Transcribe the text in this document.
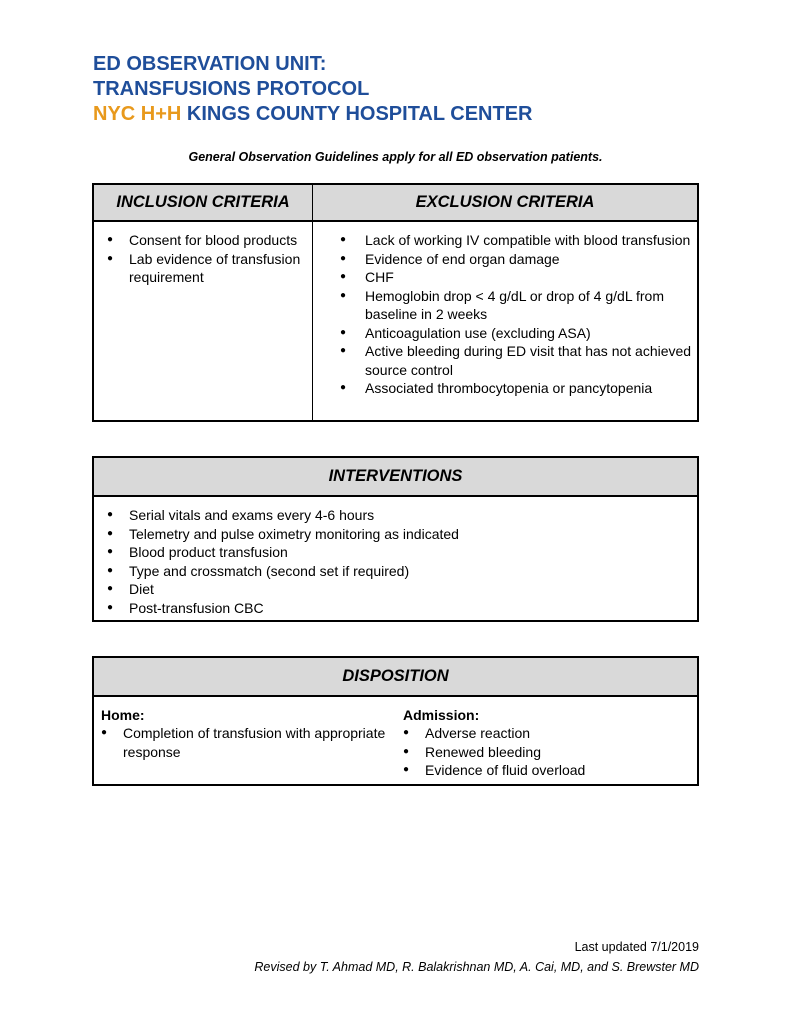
ED OBSERVATION UNIT:
TRANSFUSIONS PROTOCOL
NYC H+H KINGS COUNTY HOSPITAL CENTER
General Observation Guidelines apply for all ED observation patients.
INCLUSION CRITERIA
● Consent for blood products
● Lab evidence of transfusion requirement
EXCLUSION CRITERIA
● Lack of working IV compatible with blood transfusion
● Evidence of end organ damage
● CHF
● Hemoglobin drop < 4 g/dL or drop of 4 g/dL from baseline in 2 weeks
● Anticoagulation use (excluding ASA)
● Active bleeding during ED visit that has not achieved source control
● Associated thrombocytopenia or pancytopenia
INTERVENTIONS
● Serial vitals and exams every 4-6 hours
● Telemetry and pulse oximetry monitoring as indicated
● Blood product transfusion
● Type and crossmatch (second set if required)
● Diet
● Post-transfusion CBC
DISPOSITION
Home:
● Completion of transfusion with appropriate response
Admission:
● Adverse reaction
● Renewed bleeding
● Evidence of fluid overload
Last updated 7/1/2019
Revised by T. Ahmad MD, R. Balakrishnan MD, A. Cai, MD, and S. Brewster MD
